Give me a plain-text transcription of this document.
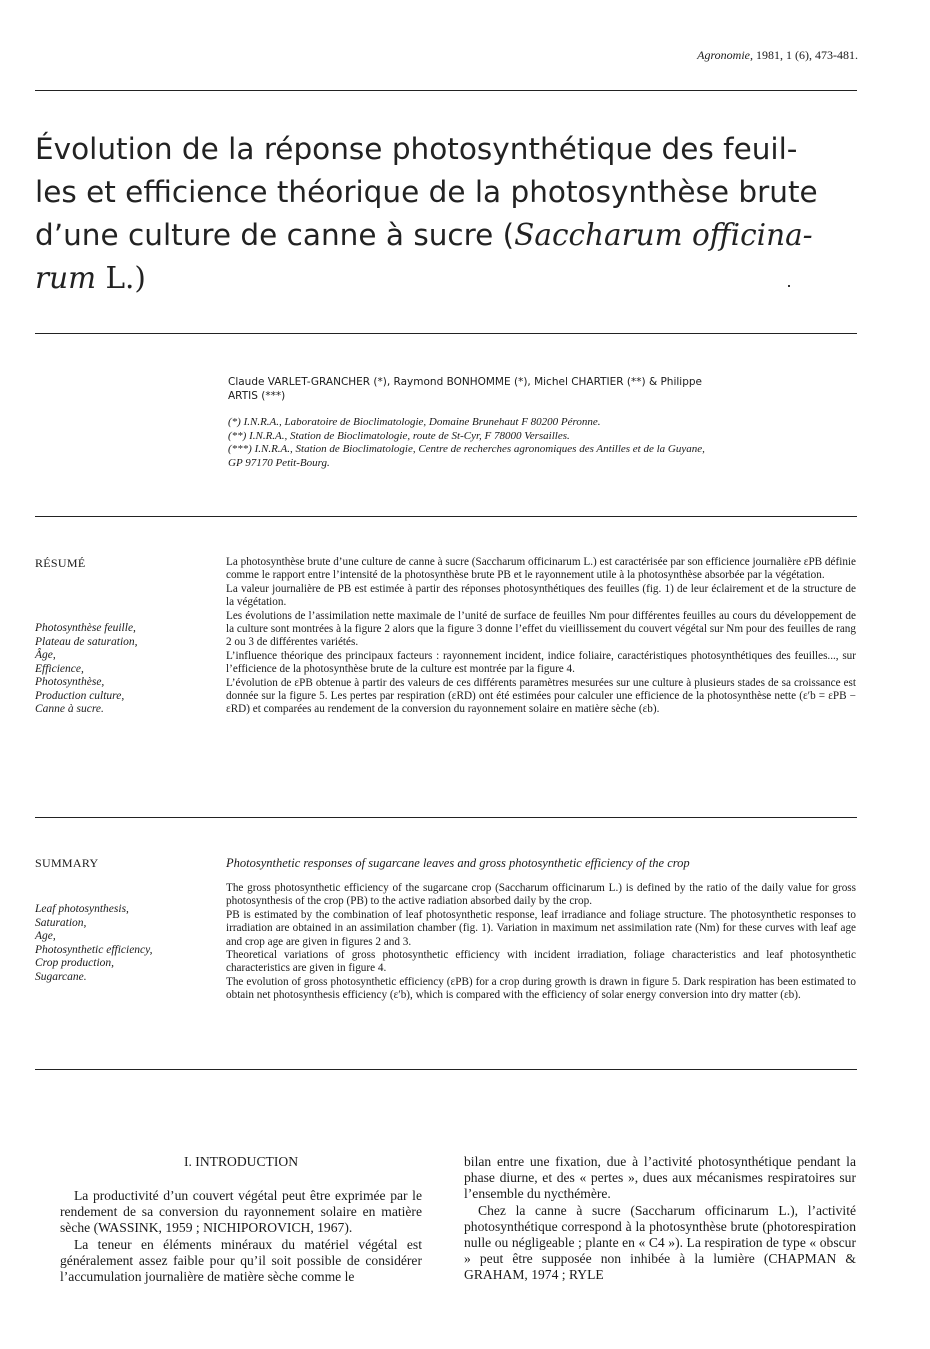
Agronomie, 1981, 1 (6), 473-481.

Évolution de la réponse photosynthétique des feuil-

les et efficience théorique de la photosynthèse brute

d’une culture de canne à sucre (Saccharum officina-

rum L.)

Claude VARLET-GRANCHER (*), Raymond BONHOMME (*), Michel CHARTIER (**) & Philippe
ARTIS (***)

(*) I.N.R.A., Laboratoire de Bioclimatologie, Domaine Brunehaut F 80200 Péronne.

(**) I.N.R.A., Station de Bioclimatologie, route de St-Cyr, F 78000 Versailles.

(***) I.N.R.A., Station de Bioclimatologie, Centre de recherches agronomiques des Antilles et de la Guyane,

GP 97170 Petit-Bourg.

RÉSUMÉ

Photosynthèse feuille,

Plateau de saturation,

Âge,

Efficience,

Photosynthèse,

Production culture,

Canne à sucre.

La photosynthèse brute d’une culture de canne à sucre (Saccharum officinarum L.) est caractérisée par son efficience journalière εPB définie comme le rapport entre l’intensité de la photosynthèse brute PB et le rayonnement utile à la photosynthèse absorbée par la végétation.

La valeur journalière de PB est estimée à partir des réponses photosynthétiques des feuilles (fig. 1) de leur éclairement et de la structure de la végétation.

Les évolutions de l’assimilation nette maximale de l’unité de surface de feuilles Nm pour différentes feuilles au cours du développement de la culture sont montrées à la figure 2 alors que la figure 3 donne l’effet du vieillissement du couvert végétal sur Nm pour des feuilles de rang 2 ou 3 de différentes variétés.

L’influence théorique des principaux facteurs : rayonnement incident, indice foliaire, caractéristiques photosynthétiques des feuilles..., sur l’efficience de la photosynthèse brute de la culture est montrée par la figure 4.

L’évolution de εPB obtenue à partir des valeurs de ces différents paramètres mesurées sur une culture à plusieurs stades de sa croissance est donnée sur la figure 5. Les pertes par respiration (εRD) ont été estimées pour calculer une efficience de la photosynthèse nette (ε′b = εPB − εRD) et comparées au rendement de la conversion du rayonnement solaire en matière sèche (εb).

SUMMARY	Photosynthetic responses of sugarcane leaves and gross photosynthetic efficiency of the crop

Leaf photosynthesis,

Saturation,

Age,

Photosynthetic efficiency,

Crop production,

Sugarcane.

The gross photosynthetic efficiency of the sugarcane crop (Saccharum officinarum L.) is defined by the ratio of the daily value for gross photosynthesis of the crop (PB) to the active radiation absorbed daily by the crop.

PB is estimated by the combination of leaf photosynthetic response, leaf irradiance and foliage structure. The photosynthetic responses to irradiation are obtained in an assimilation chamber (fig. 1). Variation in maximum net assimilation rate (Nm) for these curves with leaf age and crop age are given in figures 2 and 3.

Theoretical variations of gross photosynthetic efficiency with incident irradiation, foliage characteristics and leaf photosynthetic characteristics are given in figure 4.

The evolution of gross photosynthetic efficiency (εPB) for a crop during growth is drawn in figure 5. Dark respiration has been estimated to obtain net photosynthesis efficiency (ε′b), which is compared with the efficiency of solar energy conversion into dry matter (εb).

I. INTRODUCTION

La productivité d’un couvert végétal peut être exprimée par le rendement de sa conversion du rayonnement solaire en matière sèche (WASSINK, 1959 ; NICHIPOROVICH, 1967).

La teneur en éléments minéraux du matériel végétal est généralement assez faible pour qu’il soit possible de considérer l’accumulation journalière de matière sèche comme le

bilan entre une fixation, due à l’activité photosynthétique pendant la phase diurne, et des « pertes », dues aux mécanismes respiratoires sur l’ensemble du nycthémère.

Chez la canne à sucre (Saccharum officinarum L.), l’activité photosynthétique correspond à la photosynthèse brute (photorespiration nulle ou négligeable ; plante en « C4 »). La respiration de type « obscur » peut être supposée non inhibée à la lumière (CHAPMAN & GRAHAM, 1974 ; RYLE
